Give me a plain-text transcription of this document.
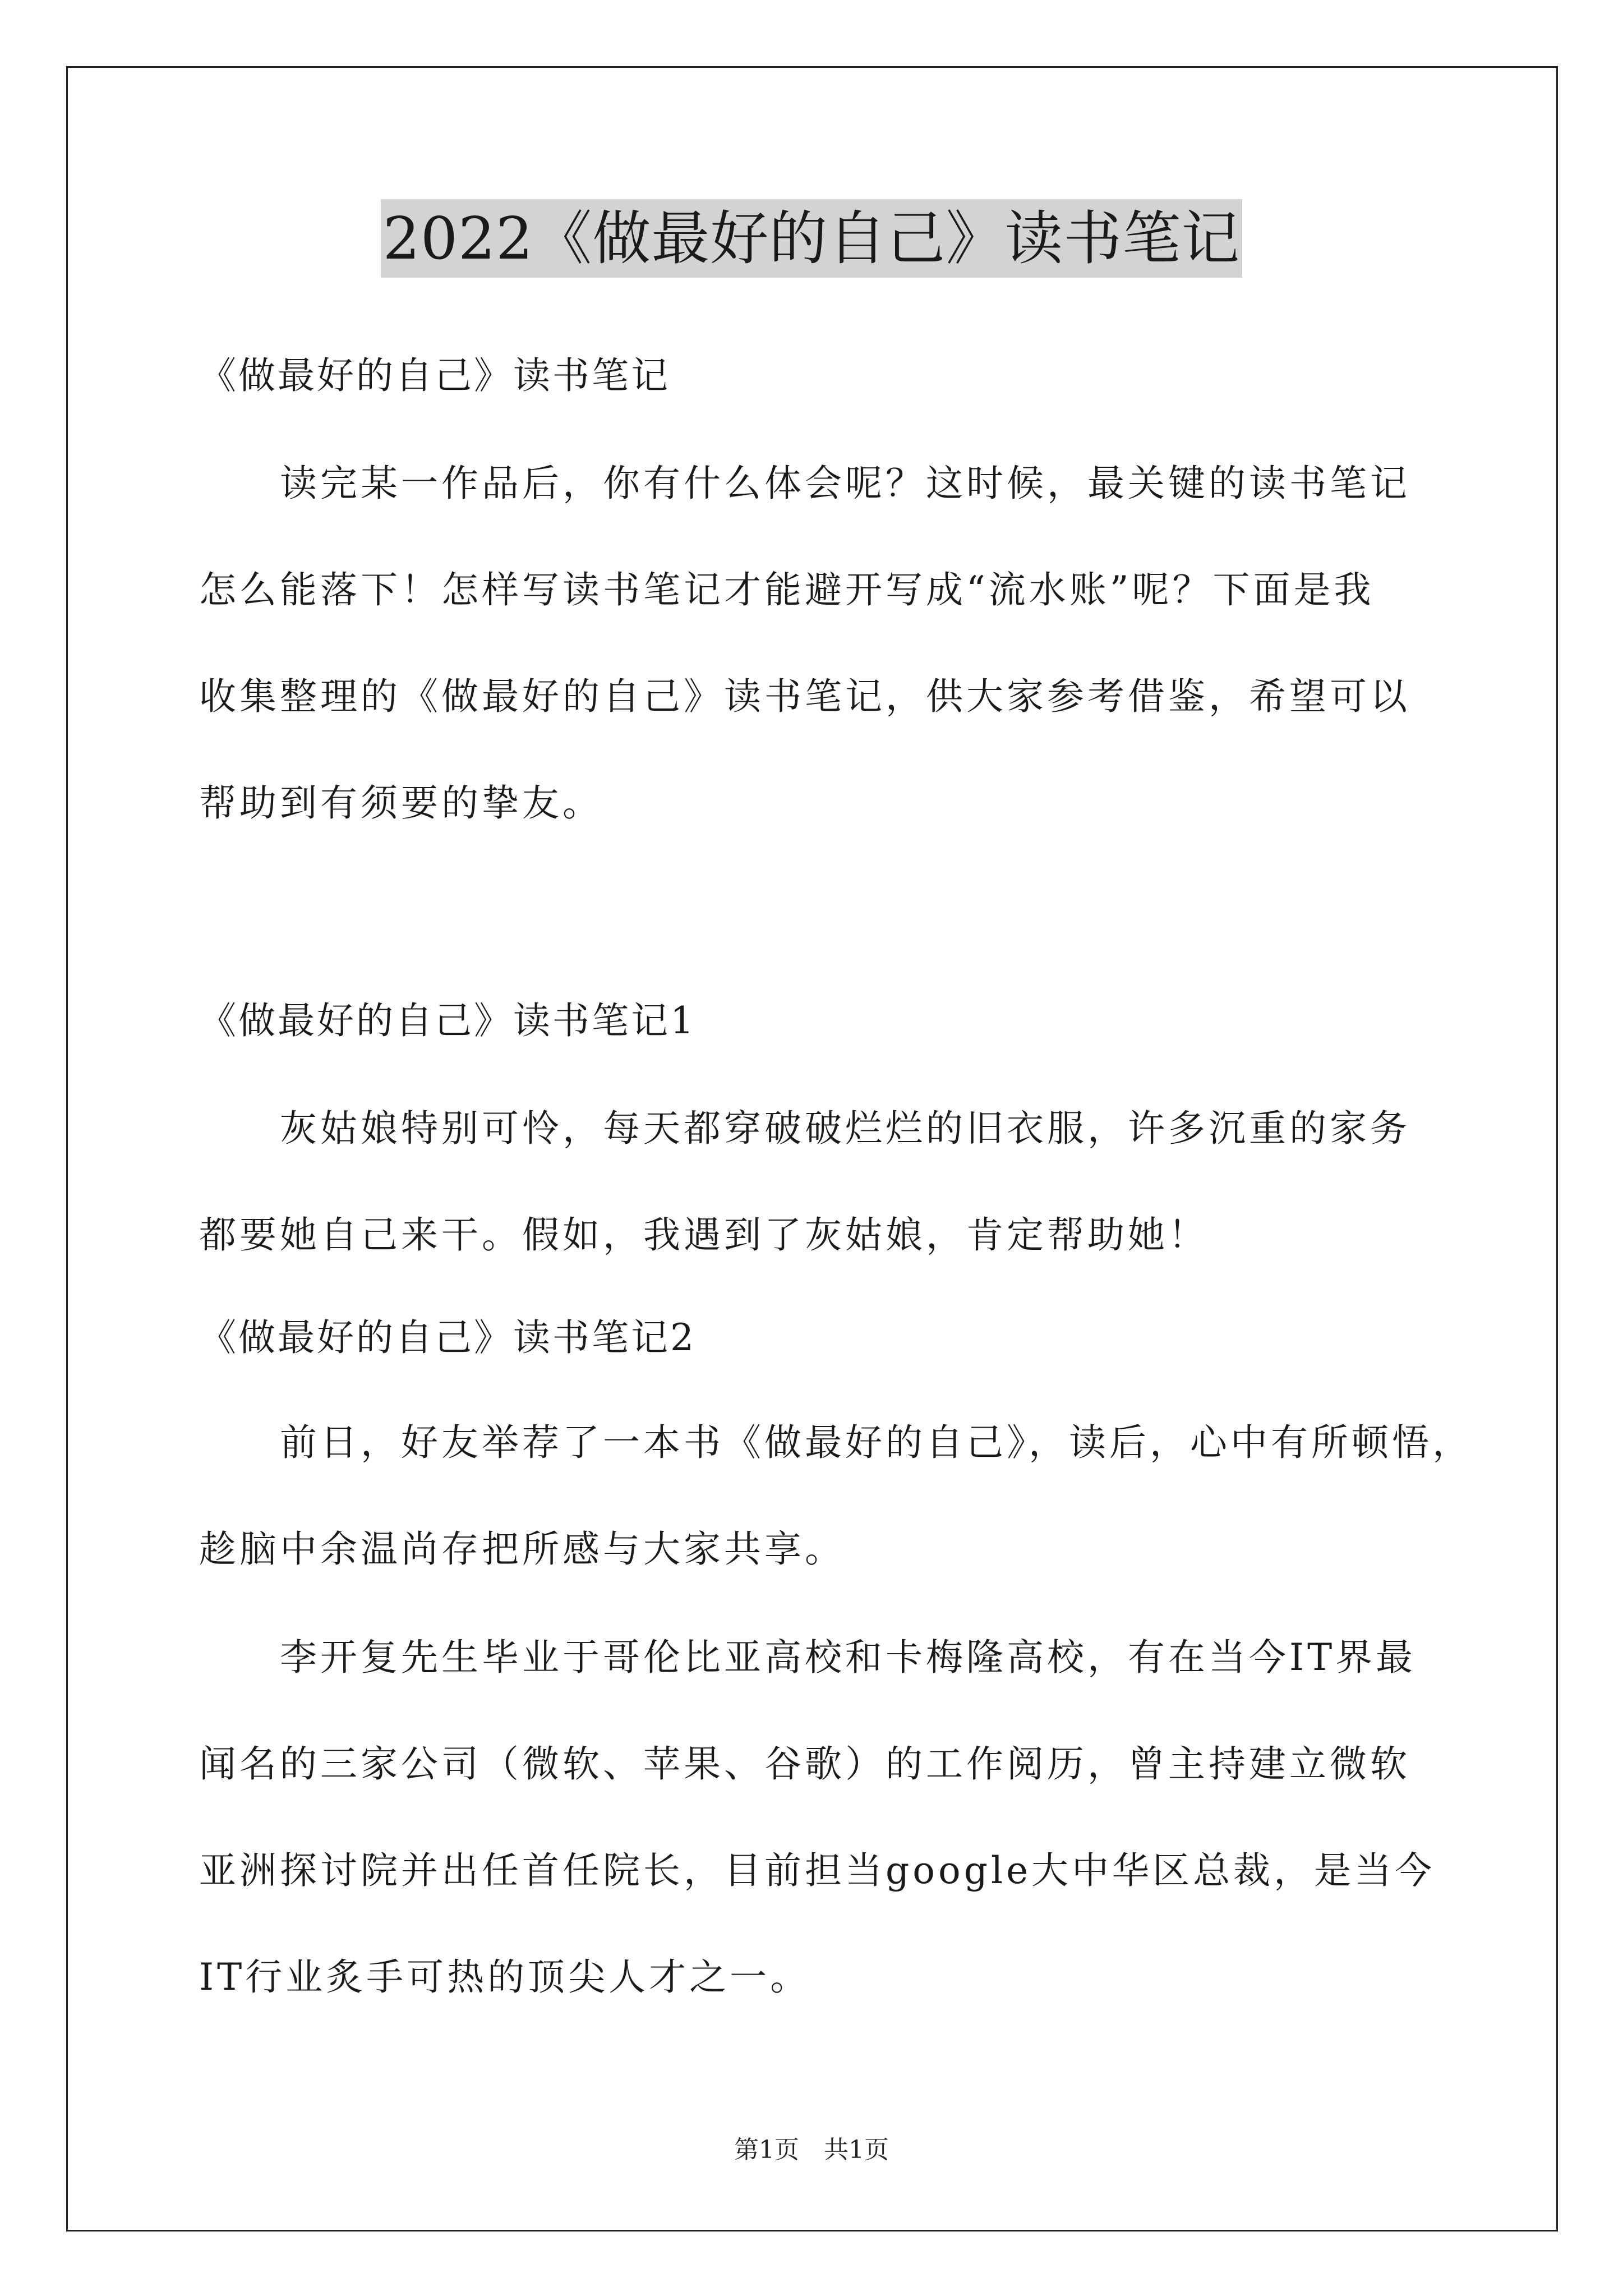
2022《做最好的自己》读书笔记
《做最好的自己》读书笔记
　　读完某一作品后，你有什么体会呢？这时候，最关键的读书笔记
怎么能落下！怎样写读书笔记才能避开写成“流水账”呢？下面是我
收集整理的《做最好的自己》读书笔记，供大家参考借鉴，希望可以
帮助到有须要的挚友。
《做最好的自己》读书笔记1
　　灰姑娘特别可怜，每天都穿破破烂烂的旧衣服，许多沉重的家务
都要她自己来干。假如，我遇到了灰姑娘，肯定帮助她！
《做最好的自己》读书笔记2
　　前日，好友举荐了一本书《做最好的自己》，读后，心中有所顿悟，
趁脑中余温尚存把所感与大家共享。
　　李开复先生毕业于哥伦比亚高校和卡梅隆高校，有在当今IT界最
闻名的三家公司（微软、苹果、谷歌）的工作阅历，曾主持建立微软
亚洲探讨院并出任首任院长，目前担当google大中华区总裁，是当今
IT行业炙手可热的顶尖人才之一。
第1页　共1页
